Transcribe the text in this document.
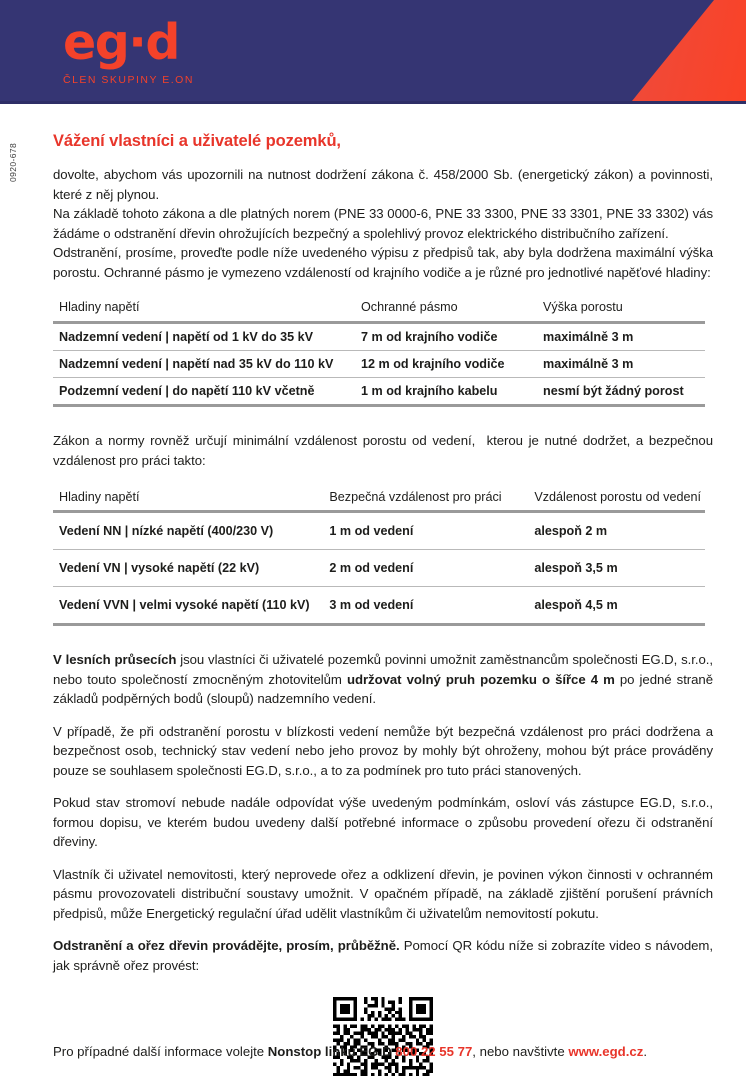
eg·d
ČLEN SKUPINY E.ON
0920-678
Vážení vlastníci a uživatelé pozemků,

dovolte, abychom vás upozornili na nutnost dodržení zákona č. 458/2000 Sb. (energetický zákon) a povinnosti, které z něj plynou.

Na základě tohoto zákona a dle platných norem (PNE 33 0000-6, PNE 33 3300, PNE 33 3301, PNE 33 3302) vás žádáme o odstranění dřevin ohrožujících bezpečný a spolehlivý provoz elektrického distribučního zařízení.

Odstranění, prosíme, proveďte podle níže uvedeného výpisu z předpisů tak, aby byla dodržena maximální výška porostu. Ochranné pásmo je vymezeno vzdáleností od krajního vodiče a je různé pro jednotlivé napěťové hladiny:

Hladiny napětí	Ochranné pásmo	Výška porostu
Nadzemní vedení | napětí od 1 kV do 35 kV	7 m od krajního vodiče	maximálně 3 m
Nadzemní vedení | napětí nad 35 kV do 110 kV	12 m od krajního vodiče	maximálně 3 m
Podzemní vedení | do napětí 110 kV včetně	1 m od krajního kabelu	nesmí být žádný porost

Zákon a normy rovněž určují minimální vzdálenost porostu od vedení,  kterou je nutné dodržet, a bezpečnou vzdálenost pro práci takto:

Hladiny napětí	Bezpečná vzdálenost pro práci	Vzdálenost porostu od vedení
Vedení NN | nízké napětí (400/230 V)	1 m od vedení	alespoň 2 m
Vedení VN | vysoké napětí (22 kV)	2 m od vedení	alespoň 3,5 m
Vedení VVN | velmi vysoké napětí (110 kV)	3 m od vedení	alespoň 4,5 m

V lesních průsecích jsou vlastníci či uživatelé pozemků povinni umožnit zaměstnancům společnosti EG.D, s.r.o., nebo touto společností zmocněným zhotovitelům udržovat volný pruh pozemku o šířce 4 m po jedné straně základů podpěrných bodů (sloupů) nadzemního vedení.

V případě, že při odstranění porostu v blízkosti vedení nemůže být bezpečná vzdálenost pro práci dodržena a bezpečnost osob, technický stav vedení nebo jeho provoz by mohly být ohroženy, mohou být práce prováděny pouze se souhlasem společnosti EG.D, s.r.o., a to za podmínek pro tuto práci stanovených.

Pokud stav stromoví nebude nadále odpovídat výše uvedeným podmínkám, osloví vás zástupce EG.D, s.r.o., formou dopisu, ve kterém budou uvedeny další potřebné informace o způsobu provedení ořezu či odstranění dřeviny.

Vlastník či uživatel nemovitosti, který neprovede ořez a odklizení dřevin, je povinen výkon činnosti v ochranném pásmu provozovateli distribuční soustavy umožnit. V opačném případě, na základě zjištění porušení právních předpisů, může Energetický regulační úřad udělit vlastníkům či uživatelům nemovitostí pokutu.

Odstranění a ořez dřevin provádějte, prosím, průběžně. Pomocí QR kódu níže si zobrazíte video s návodem, jak správně ořez provést:

Pro případné další informace volejte Nonstop linku EG.D 800 22 55 77, nebo navštivte www.egd.cz.
